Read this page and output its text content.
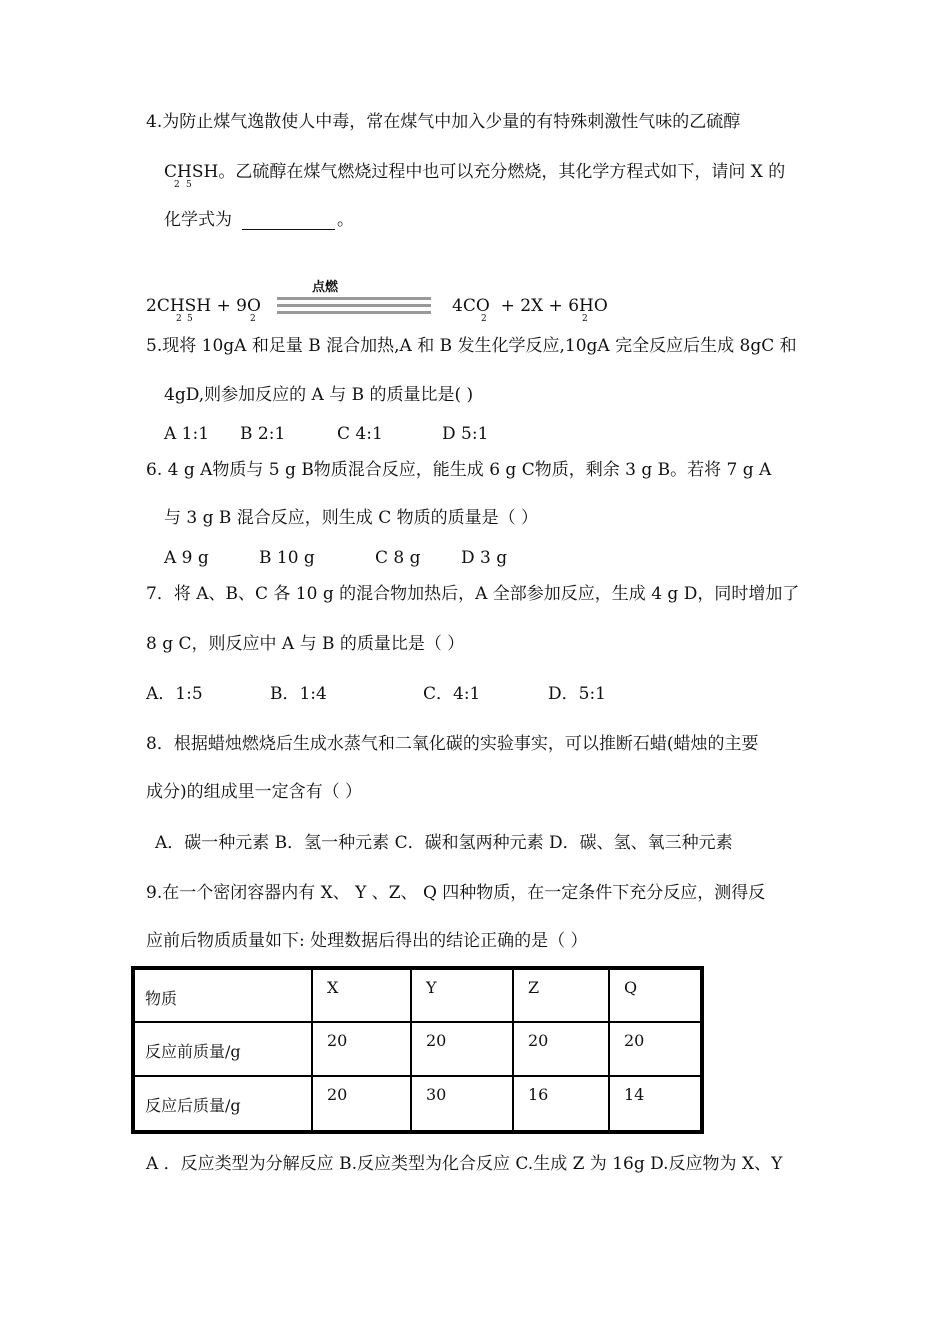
4.为防止煤气逸散使人中毒，常在煤气中加入少量的有特殊刺激性气味的乙硫醇
CHSH。乙硫醇在煤气燃烧过程中也可以充分燃烧，其化学方程式如下，请问 X 的
2 5
化学式为	。
点燃
2CHSH + 9O
2 5	2
4CO + 2X + 6HO
2	2
5.现将 10gA 和足量 B 混合加热,A 和 B 发生化学反应,10gA 完全反应后生成 8gC 和
4gD,则参加反应的 A 与 B 的质量比是( )
A 1:1 B 2:1	C 4:1	D 5:1
6. 4 g A物质与 5 g B物质混合反应，能生成 6 g C物质，剩余 3 g B。若将 7 g A
与 3 g B 混合反应，则生成 C 物质的质量是（ ）
A 9 g	B 10 g	C 8 g D 3 g
7．将 A、B、C 各 10 g 的混合物加热后，A 全部参加反应，生成 4 g D，同时增加了
8 g C，则反应中 A 与 B 的质量比是（ ）
A．1:5	B．1:4	C．4:1	D．5:1
8．根据蜡烛燃烧后生成水蒸气和二氧化碳的实验事实，可以推断石蜡(蜡烛的主要
成分)的组成里一定含有（ ）
A．碳一种元素 B．氢一种元素 C．碳和氢两种元素 D．碳、氢、氧三种元素
9.在一个密闭容器内有 X、 Y 、Z、 Q 四种物质，在一定条件下充分反应，测得反
应前后物质质量如下: 处理数据后得出的结论正确的是（ ）
物质	X	Y	Z	Q

反应前质量/g	20	20	20	20

反应后质量/g	20	30	16	14
A ．反应类型为分解反应 B.反应类型为化合反应 C.生成 Z 为 16g D.反应物为 X、Y
